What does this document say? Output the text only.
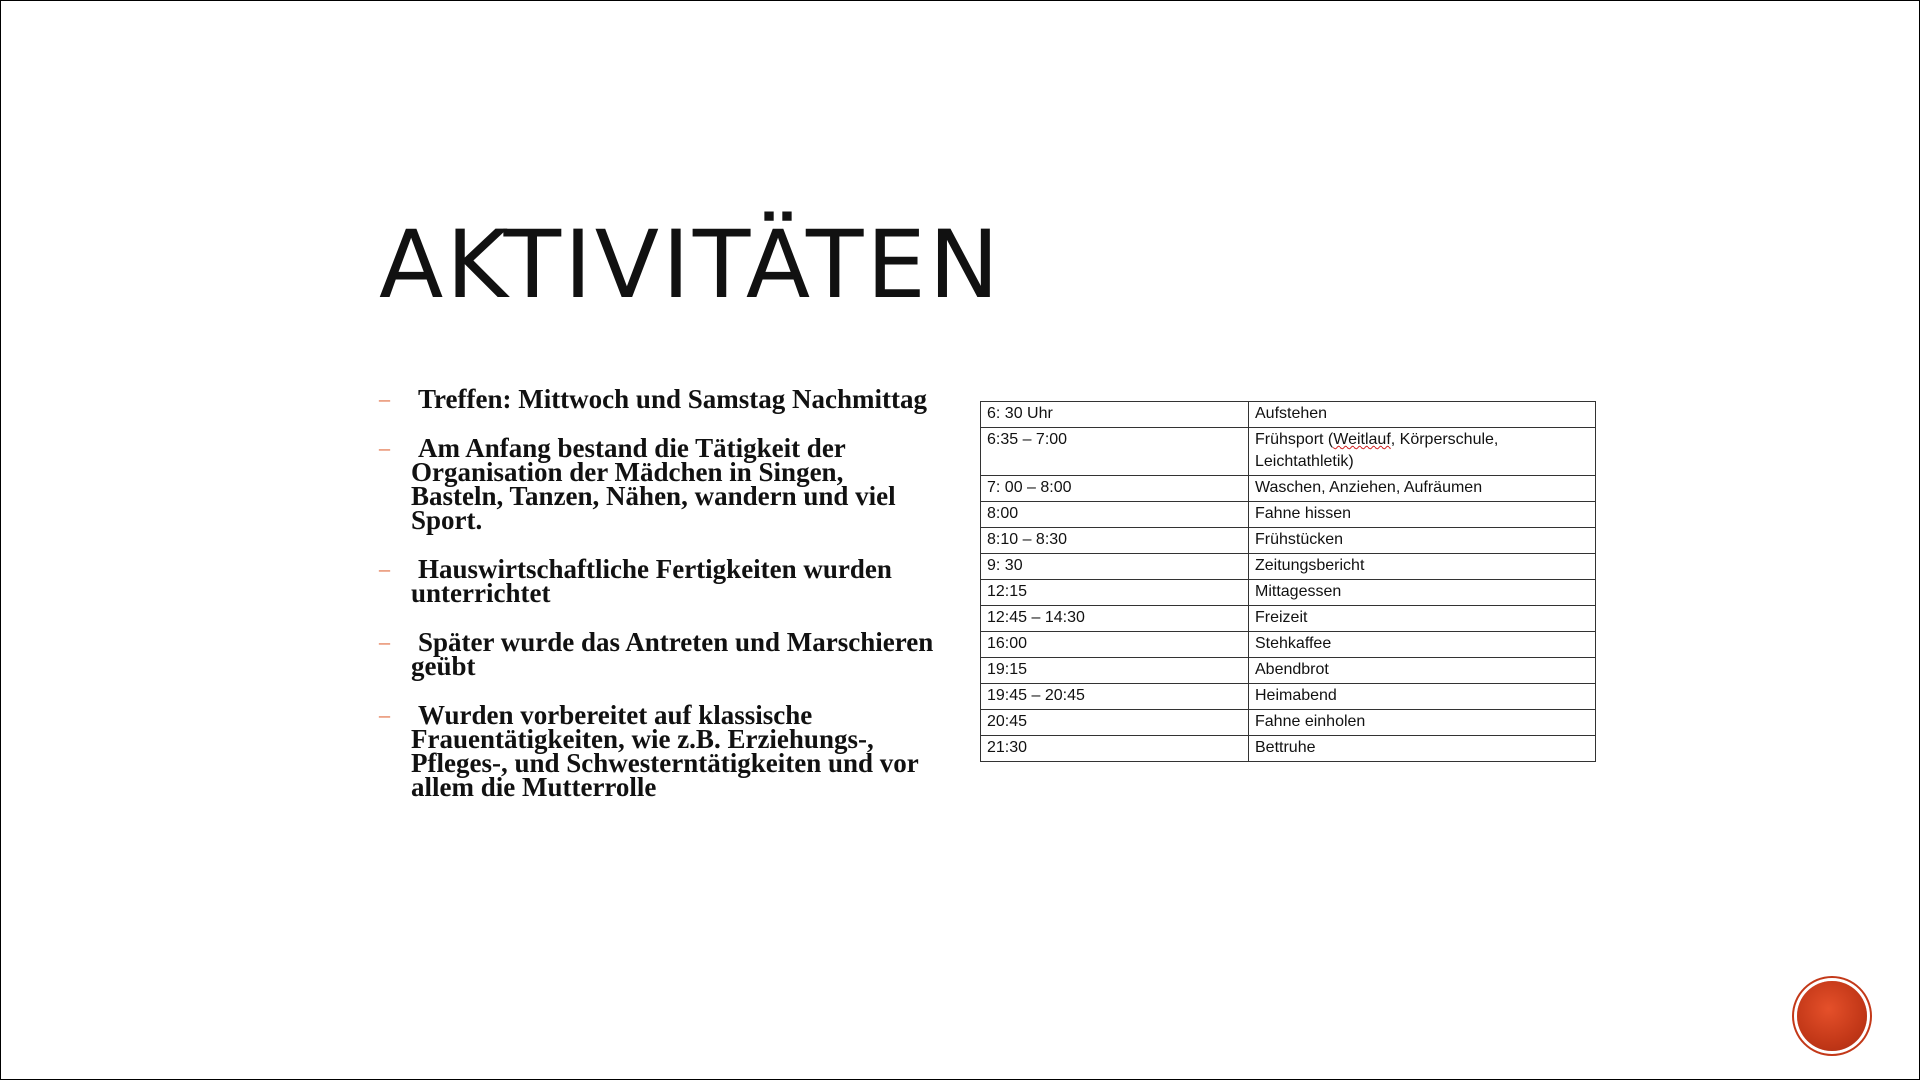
AKTIVITÄTEN
– Treffen: Mittwoch und Samstag Nachmittag
– Am Anfang bestand die Tätigkeit der Organisation der Mädchen in Singen, Basteln, Tanzen, Nähen, wandern und viel Sport.
– Hauswirtschaftliche Fertigkeiten wurden unterrichtet
– Später wurde das Antreten und Marschieren geübt
– Wurden vorbereitet auf klassische Frauentätigkeiten, wie z.B. Erziehungs-, Pfleges-, und Schwesterntätigkeiten und vor allem die Mutterrolle
6: 30 Uhr	Aufstehen
6:35 – 7:00	Frühsport (Weitlauf, Körperschule, Leichtathletik)
7: 00 – 8:00	Waschen, Anziehen, Aufräumen
8:00	Fahne hissen
8:10 – 8:30	Frühstücken
9: 30	Zeitungsbericht
12:15	Mittagessen
12:45 – 14:30	Freizeit
16:00	Stehkaffee
19:15	Abendbrot
19:45 – 20:45	Heimabend
20:45	Fahne einholen
21:30	Bettruhe
